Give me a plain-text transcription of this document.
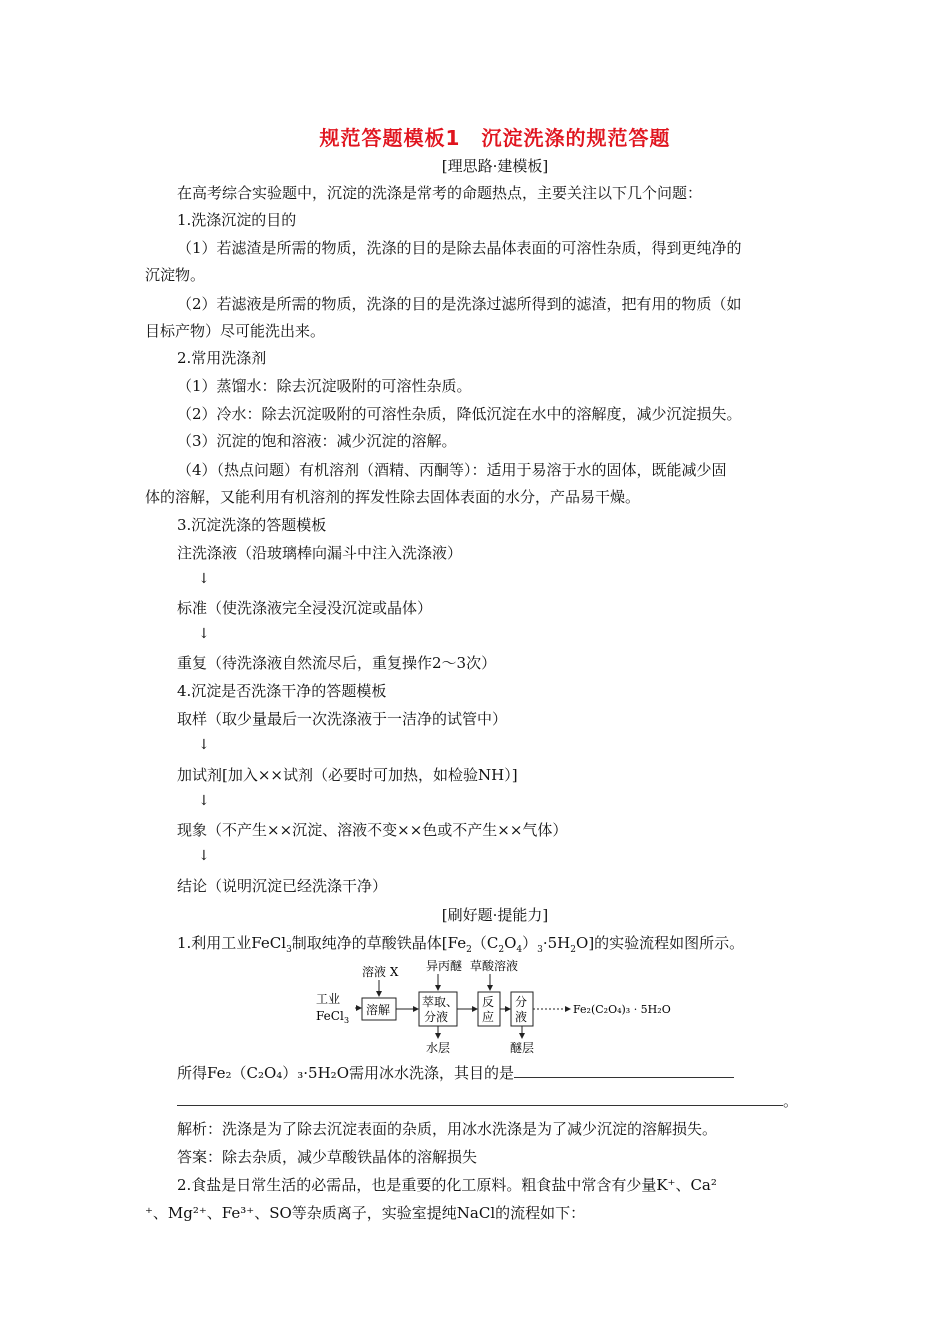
规范答题模板1　沉淀洗涤的规范答题
[理思路·建模板]
在高考综合实验题中，沉淀的洗涤是常考的命题热点，主要关注以下几个问题：
1.洗涤沉淀的目的
（1）若滤渣是所需的物质，洗涤的目的是除去晶体表面的可溶性杂质，得到更纯净的
沉淀物。
（2）若滤液是所需的物质，洗涤的目的是洗涤过滤所得到的滤渣，把有用的物质（如
目标产物）尽可能洗出来。
2.常用洗涤剂
（1）蒸馏水：除去沉淀吸附的可溶性杂质。
（2）冷水：除去沉淀吸附的可溶性杂质，降低沉淀在水中的溶解度，减少沉淀损失。
（3）沉淀的饱和溶液：减少沉淀的溶解。
（4）（热点问题）有机溶剂（酒精、丙酮等）：适用于易溶于水的固体，既能减少固
体的溶解，又能利用有机溶剂的挥发性除去固体表面的水分，产品易干燥。
3.沉淀洗涤的答题模板
注洗涤液（沿玻璃棒向漏斗中注入洗涤液）
↓
标准（使洗涤液完全浸没沉淀或晶体）
↓
重复（待洗涤液自然流尽后，重复操作2～3次）
4.沉淀是否洗涤干净的答题模板
取样（取少量最后一次洗涤液于一洁净的试管中）
↓
加试剂[加入××试剂（必要时可加热，如检验NH）]
↓
现象（不产生××沉淀、溶液不变××色或不产生××气体）
↓
结论（说明沉淀已经洗涤干净）
[刷好题·提能力]
1.利用工业FeCl$_3$制取纯净的草酸铁晶体$[Fe_2(C_2O_4)_3\cdot 5H_2O]$的实验流程如图所示。
溶液 X 异丙醚 草酸溶液
工业
FeCl 3
溶解
萃取、
分液
水层
反
应
分
液
醚层
Fe₂(C₂O₄)₃ · 5H₂O
所得Fe₂（C₂O₄）₃·5H₂O需用冰水洗涤，其目的是
。
解析：洗涤是为了除去沉淀表面的杂质，用冰水洗涤是为了减少沉淀的溶解损失。
答案：除去杂质，减少草酸铁晶体的溶解损失
2.食盐是日常生活的必需品，也是重要的化工原料。粗食盐中常含有少量K⁺、Ca²
⁺、Mg²⁺、Fe³⁺、SO等杂质离子，实验室提纯NaCl的流程如下：
